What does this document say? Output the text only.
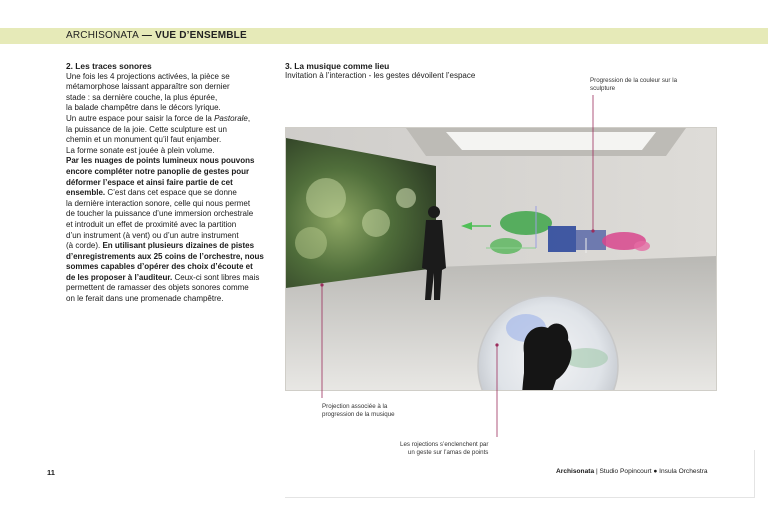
ARCHISONATA — VUE D’ENSEMBLE
2. Les traces sonores
Une fois les 4 projections activées, la pièce se
métamorphose laissant apparaître son dernier
stade : sa dernière couche, la plus épurée,
la balade champêtre dans le décors lyrique.
Un autre espace pour saisir la force de la Pastorale,
la puissance de la joie. Cette sculpture est un
chemin et un monument qu’il faut enjamber.
La forme sonate est jouée à plein volume.
Par les nuages de points lumineux nous pouvons
encore compléter notre panoplie de gestes pour
déformer l’espace et ainsi faire partie de cet
ensemble. C’est dans cet espace que se donne
la dernière interaction sonore, celle qui nous permet
de toucher la puissance d’une immersion orchestrale
et introduit un effet de proximité avec la partition
d’un instrument (à vent) ou d’un autre instrument
(à corde). En utilisant plusieurs dizaines de pistes
d’enregistrements aux 25 coins de l’orchestre, nous
sommes capables d’opérer des choix d’écoute et
de les proposer à l’auditeur. Ceux-ci sont libres mais
permettent de ramasser des objets sonores comme
on le ferait dans une promenade champêtre.
3. La musique comme lieu
Invitation à l’interaction - les gestes dévoilent l’espace
Progression de la couleur sur la
sculpture
Projection associée à la
progression de la musique
Les rojections s’enclenchent par
un geste sur l’amas de points
11	Archisonata | Studio Popincourt ● Insula Orchestra
